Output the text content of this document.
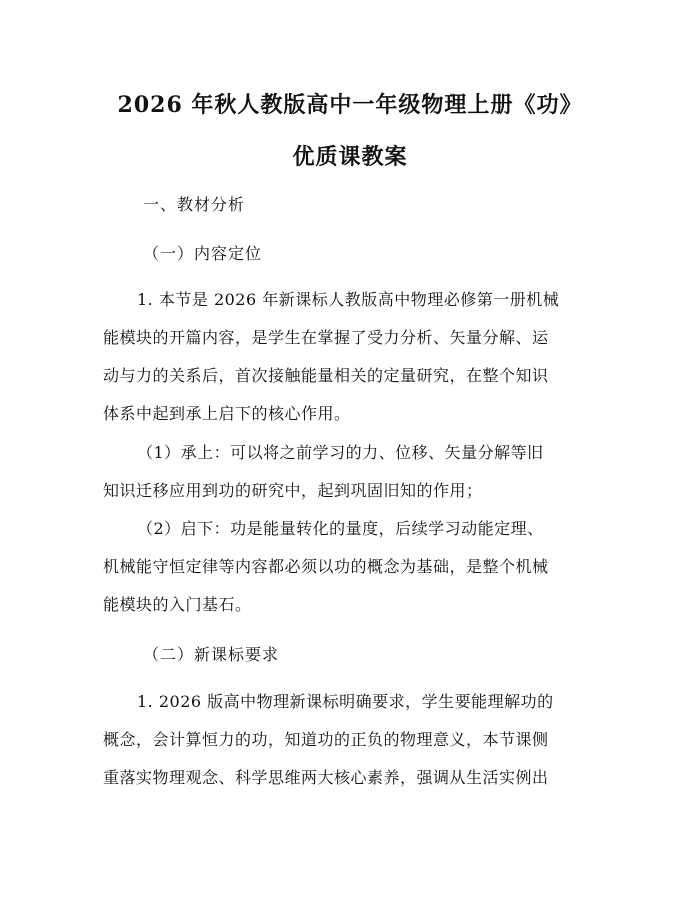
2026 年秋人教版高中一年级物理上册《功》
优质课教案
一、教材分析
（一）内容定位
1. 本节是 2026 年新课标人教版高中物理必修第一册机械
能模块的开篇内容，是学生在掌握了受力分析、矢量分解、运
动与力的关系后，首次接触能量相关的定量研究，在整个知识
体系中起到承上启下的核心作用。
（1）承上：可以将之前学习的力、位移、矢量分解等旧
知识迁移应用到功的研究中，起到巩固旧知的作用；
（2）启下：功是能量转化的量度，后续学习动能定理、
机械能守恒定律等内容都必须以功的概念为基础，是整个机械
能模块的入门基石。
（二）新课标要求
1. 2026 版高中物理新课标明确要求，学生要能理解功的
概念，会计算恒力的功，知道功的正负的物理意义，本节课侧
重落实物理观念、科学思维两大核心素养，强调从生活实例出
